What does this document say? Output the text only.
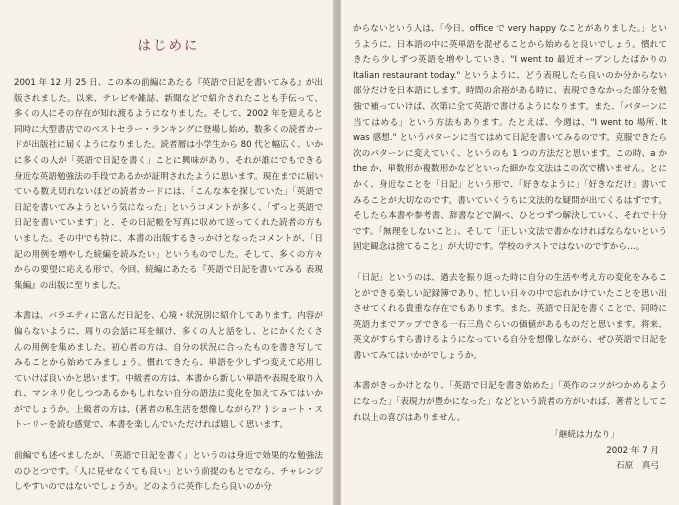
はじめに

2001 年 12 月 25 日、この本の前編にあたる『英語で日記を書いてみる』が出版されました。以来、テレビや雑誌、新聞などで紹介されたことも手伝って、多くの人にその存在が知れ渡るようになりました。そして、2002 年を迎えると同時に大型書店でのベストセラー・ランキングに登場し始め、数多くの読者カードが出版社に届くようになりました。読者層は小学生から 80 代と幅広く、いかに多くの人が「英語で日記を書く」ことに興味があり、それが誰にでもできる身近な英語勉強法の手段であるかが証明されたように思います。現在までに届いている数え切れないほどの読者カードには、「こんな本を探していた」「英語で日記を書いてみようという気になった」というコメントが多く、「ずっと英語で日記を書いています」と、その日記帳を写真に収めて送ってくれた読者の方もいました。その中でも特に、本書の出版するきっかけとなったコメントが、「日記の用例を増やした続編を読みたい」というものでした。そして、多くの方々からの要望に応える形で、今回、続編にあたる『英語で日記を書いてみる 表現集編』の出版に至りました。

本書は、バラエティに富んだ日記を、心境・状況別に紹介してあります。内容が偏らないように、周りの会話に耳を傾け、多くの人と話をし、とにかくたくさんの用例を集めました。初心者の方は、自分の状況に合ったものを書き写してみることから始めてみましょう。慣れてきたら、単語を少しずつ変えて応用していけば良いかと思います。中級者の方は、本書から新しい単語や表現を取り入れ、マンネリ化しつつあるかもしれない自分の語法に変化を加えてみてはいかがでしょうか。上級者の方は、(著者の私生活を想像しながら?？) ショート・ストーリーを読む感覚で、本書を楽しんでいただければ嬉しく思います。

前編でも述べましたが、「英語で日記を書く」というのは身近で効果的な勉強法のひとつです。「人に見せなくても良い」という前提のもとでなら、チャレンジしやすいのではないでしょうか。どのように英作したら良いのか分

からないという人は、「今日、office で very happy なことがありました。」というように、日本語の中に英単語を混ぜることから始めると良いでしょう。慣れてきたら少しずつ英語を増やしていき、"I went to 最近オープンしたばかりの Italian restaurant today." というように、どう表現したら良いのか分からない部分だけを日本語にします。時間の余裕がある時に、表現できなかった部分を勉強で補っていけば、次第に全て英語で書けるようになります。また、「パターンに当てはめる」という方法もあります。たとえば、今週は、"I went to 場所. It was 感想." というパターンに当てはめて日記を書いてみるのです。克服できたら次のパターンに変えていく、というのも 1 つの方法だと思います。この時、a か the か、単数形か複数形かなどといった細かな文法はこの次で構いません。とにかく、身近なことを「日記」という形で、「好きなように」「好きなだけ」書いてみることが大切なのです。書いていくうちに文法的な疑問が出てくるはずです。そしたら本書や参考書、辞書などで調べ、ひとつずつ解決していく、それで十分です。「無理をしないこと」、そして「正しい文法で書かなければならないという固定観念は捨てること」が大切です。学校のテストではないのですから…。

「日記」というのは、過去を振り返った時に自分の生活や考え方の変化をみることができる楽しい記録簿であり、忙しい日々の中で忘れかけていたことを思い出させてくれる貴重な存在でもあります。また、英語で日記を書くことで、同時に英語力までアップできる一石三鳥ぐらいの価値があるものだと思います。将来、英文がすらすら書けるようになっている自分を想像しながら、ぜひ英語で日記を書いてみてはいかがでしょうか。

本書がきっかけとなり、「英語で日記を書き始めた」「英作のコツがつかめるようになった」「表現力が豊かになった」などという読者の方がいれば、著者としてこれ以上の喜びはありません。

「継続は力なり」
2002 年 7 月
石原　真弓
